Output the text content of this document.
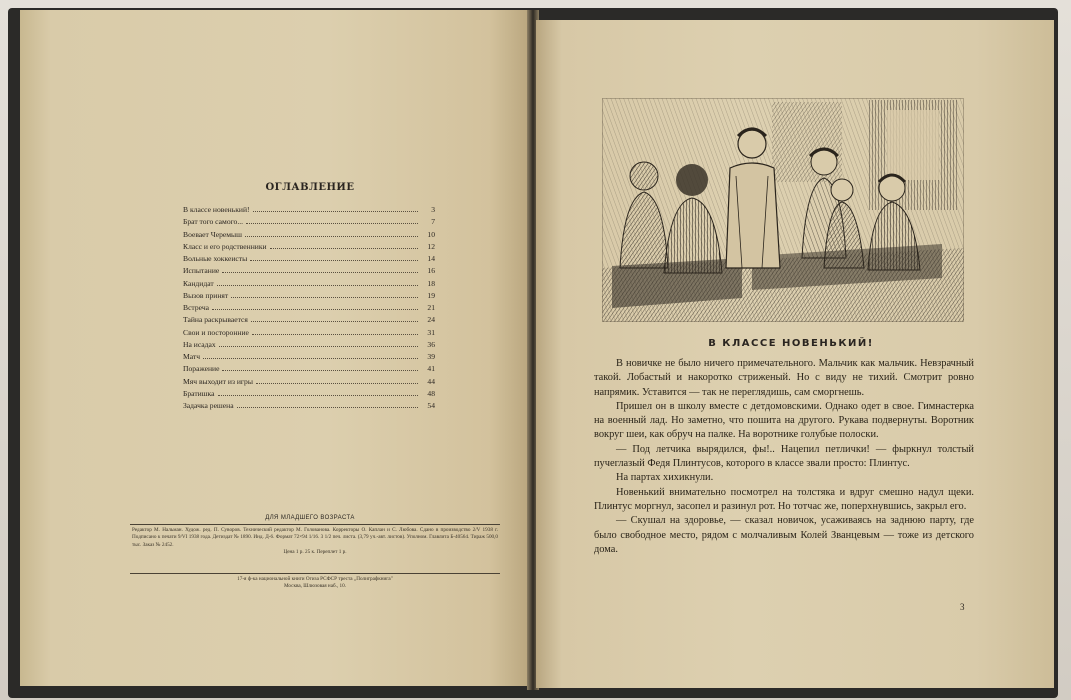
ОГЛАВЛЕНИЕ
В классе новенький!	3
Брат того самого...	7
Воевает Черемыш	10
Класс и его родственники	12
Вольные хоккеисты	14
Испытание	16
Кандидат	18
Вызов принят	19
Встреча	21
Тайна раскрывается	24
Свои и посторонние	31
На исадах	36
Матч	39
Поражение	41
Мяч выходит из игры	44
Братишка	48
Задачка решена	54
ДЛЯ МЛАДШЕГО ВОЗРАСТА
Редактор М. Нальман. Худож. ред. П. Суворов. Технический редактор М. Голованова. Корректоры О. Каплан и С. Любова. Сдано в производство 2/V 1938 г. Подписано к печати 9/VI 1938 года. Детиздат № 1890. Инд. Д-6. Формат 72×94 1/16. 3 1/2 печ. листа. (3,79 уч.-авт. листов). Уполном. Главлита Б-40564. Тираж 500,0 тыс. Заказ № 2452.
Цена 1 р. 25 к. Переплет 1 р.
17-я ф-ка национальной книги Огиза РСФСР треста „Полиграфкнига"
Москва, Шлюзовая наб., 10.
В КЛАССЕ НОВЕНЬКИЙ!

В новичке не было ничего примечательного. Мальчик как мальчик. Невзрачный такой. Лобастый и накоротко стриженый. Но с виду не тихий. Смотрит ровно напрямик. Уставится — так не переглядишь, сам сморгнешь.

Пришел он в школу вместе с детдомовскими. Однако одет в свое. Гимнастерка на военный лад. Но заметно, что пошита на другого. Рукава подвернуты. Воротник вокруг шеи, как обруч на палке. На воротнике голубые полоски.

— Под летчика вырядился, фы!.. Нацепил петлички! — фыркнул толстый пучеглазый Федя Плинтусов, которого в классе звали просто: Плинтус.

На партах хихикнули.

Новенький внимательно посмотрел на толстяка и вдруг смешно надул щеки. Плинтус моргнул, засопел и разинул рот. Но тотчас же, поперхнувшись, закрыл его.

— Скушал на здоровье, — сказал новичок, усаживаясь на заднюю парту, где было свободное место, рядом с молчаливым Колей Званцевым — тоже из детского дома.

3
